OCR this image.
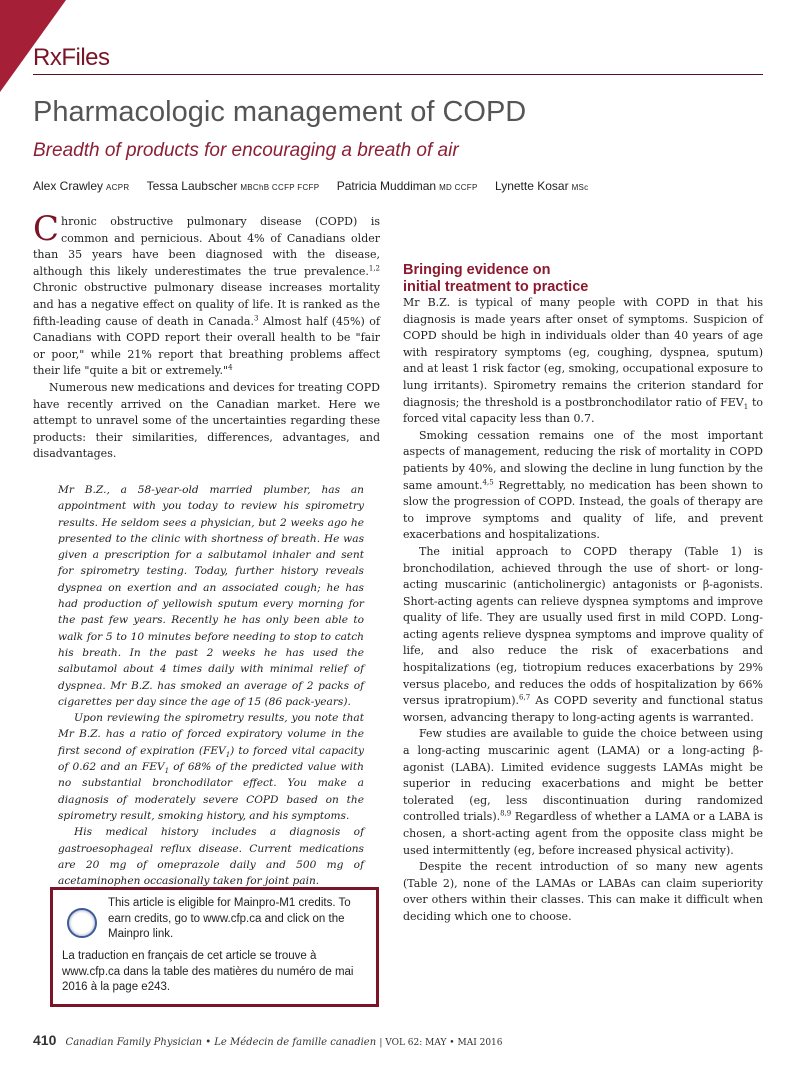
RxFiles
Pharmacologic management of COPD
Breadth of products for encouraging a breath of air
Alex Crawley ACPR Tessa Laubscher MBChB CCFP FCFP Patricia Muddiman MD CCFP Lynette Kosar MSc

Chronic obstructive pulmonary disease (COPD) is common and pernicious. About 4% of Canadians older than 35 years have been diagnosed with the disease, although this likely underestimates the true prevalence.$^{1,2}$ Chronic obstructive pulmonary disease increases mortality and has a negative effect on quality of life. It is ranked as the fifth-leading cause of death in Canada.$^3$ Almost half (45%) of Canadians with COPD report their overall health to be "fair or poor," while 21% report that breathing problems affect their life "quite a bit or extremely."$^4$

Numerous new medications and devices for treating COPD have recently arrived on the Canadian market. Here we attempt to unravel some of the uncertainties regarding these products: their similarities, differences, advantages, and disadvantages.

Mr B.Z., a 58-year-old married plumber, has an appointment with you today to review his spirometry results. He seldom sees a physician, but 2 weeks ago he presented to the clinic with shortness of breath. He was given a prescription for a salbutamol inhaler and sent for spirometry testing. Today, further history reveals dyspnea on exertion and an associated cough; he has had production of yellowish sputum every morning for the past few years. Recently he has only been able to walk for 5 to 10 minutes before needing to stop to catch his breath. In the past 2 weeks he has used the salbutamol about 4 times daily with minimal relief of dyspnea. Mr B.Z. has smoked an average of 2 packs of cigarettes per day since the age of 15 (86 pack-years).

Upon reviewing the spirometry results, you note that Mr B.Z. has a ratio of forced expiratory volume in the first second of expiration $(FEV_1)$ to forced vital capacity of 0.62 and an $FEV_1$ of 68% of the predicted value with no substantial bronchodilator effect. You make a diagnosis of moderately severe COPD based on the spirometry result, smoking history, and his symptoms.

His medical history includes a diagnosis of gastroesophageal reflux disease. Current medications are 20 mg of omeprazole daily and 500 mg of acetaminophen occasionally taken for joint pain.

Bringing evidence on
initial treatment to practice

Mr B.Z. is typical of many people with COPD in that his diagnosis is made years after onset of symptoms. Suspicion of COPD should be high in individuals older than 40 years of age with respiratory symptoms (eg, coughing, dyspnea, sputum) and at least 1 risk factor (eg, smoking, occupational exposure to lung irritants). Spirometry remains the criterion standard for diagnosis; the threshold is a postbronchodilator ratio of $FEV_1$ to forced vital capacity less than 0.7.

Smoking cessation remains one of the most important aspects of management, reducing the risk of mortality in COPD patients by 40%, and slowing the decline in lung function by the same amount.$^{4,5}$ Regrettably, no medication has been shown to slow the progression of COPD. Instead, the goals of therapy are to improve symptoms and quality of life, and prevent exacerbations and hospitalizations.

The initial approach to COPD therapy (Table 1) is bronchodilation, achieved through the use of short- or long-acting muscarinic (anticholinergic) antagonists or β-agonists. Short-acting agents can relieve dyspnea symptoms and improve quality of life. They are usually used first in mild COPD. Long-acting agents relieve dyspnea symptoms and improve quality of life, and also reduce the risk of exacerbations and hospitalizations (eg, tiotropium reduces exacerbations by 29% versus placebo, and reduces the odds of hospitalization by 66% versus ipratropium).$^{6,7}$ As COPD severity and functional status worsen, advancing therapy to long-acting agents is warranted.

Few studies are available to guide the choice between using a long-acting muscarinic agent (LAMA) or a long-acting β-agonist (LABA). Limited evidence suggests LAMAs might be superior in reducing exacerbations and might be better tolerated (eg, less discontinuation during randomized controlled trials).$^{8,9}$ Regardless of whether a LAMA or a LABA is chosen, a short-acting agent from the opposite class might be used intermittently (eg, before increased physical activity).

Despite the recent introduction of so many new agents (Table 2), none of the LAMAs or LABAs can claim superiority over others within their classes. This can make it difficult when deciding which one to choose.

This article is eligible for Mainpro-M1 credits. To earn credits, go to www.cfp.ca and click on the Mainpro link.
La traduction en français de cet article se trouve à www.cfp.ca dans la table des matières du numéro de mai 2016 à la page e243.
410 Canadian Family Physician • Le Médecin de famille canadien | VOL 62: MAY • MAI 2016
